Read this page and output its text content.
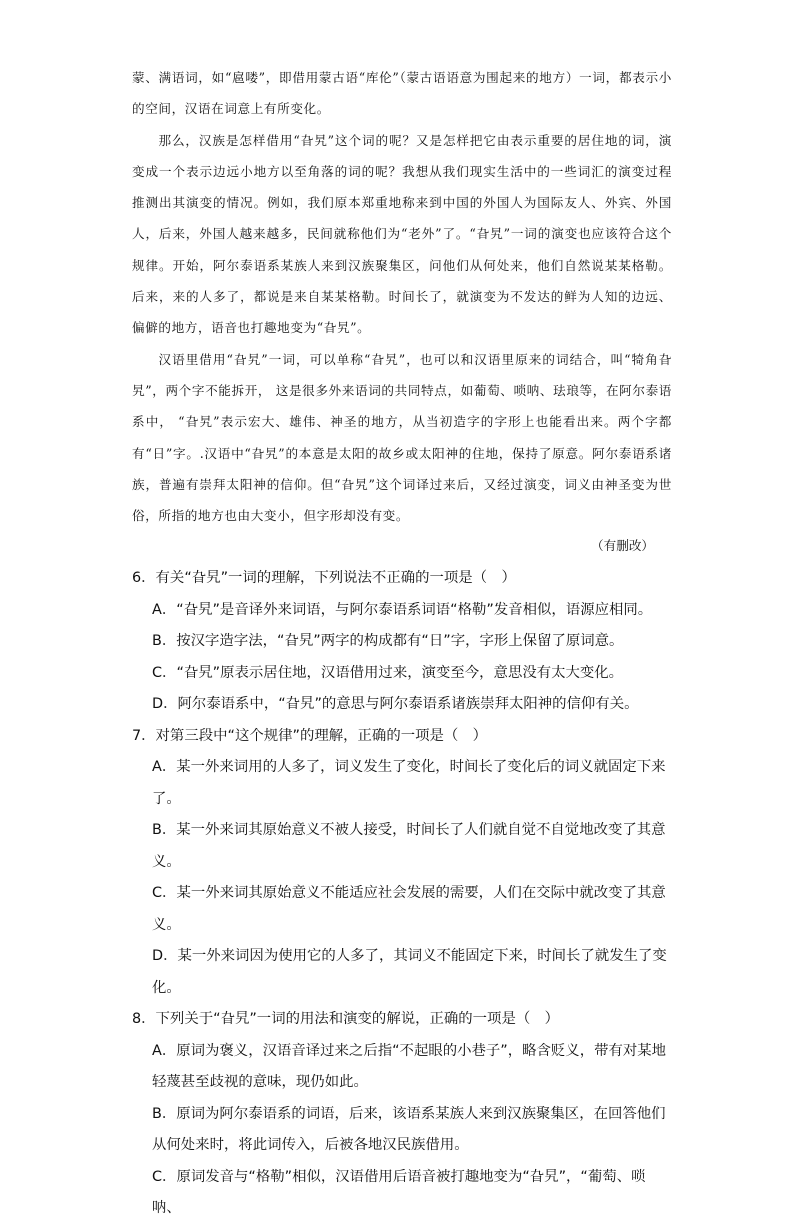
蒙、满语词，如“扈喽”，即借用蒙古语“库伦”（蒙古语语意为围起来的地方）一词，都表示小的空间，汉语在词意上有所变化。

那么，汉族是怎样借用“旮旯”这个词的呢？又是怎样把它由表示重要的居住地的词，演变成一个表示边远小地方以至角落的词的呢？我想从我们现实生活中的一些词汇的演变过程推测出其演变的情况。例如，我们原本郑重地称来到中国的外国人为国际友人、外宾、外国人，后来，外国人越来越多，民间就称他们为“老外”了。“旮旯”一词的演变也应该符合这个规律。开始，阿尔泰语系某族人来到汉族聚集区，问他们从何处来，他们自然说某某格勒。后来，来的人多了，都说是来自某某格勒。时间长了，就演变为不发达的鲜为人知的边远、偏僻的地方，语音也打趣地变为“旮旯”。

汉语里借用“旮旯”一词，可以单称“旮旯”，也可以和汉语里原来的词结合，叫“犄角旮旯”，两个字不能拆开， 这是很多外来语词的共同特点，如葡萄、唢呐、珐琅等，在阿尔泰语系中， “旮旯”表示宏大、雄伟、神圣的地方，从当初造字的字形上也能看出来。两个字都有“日”字。.汉语中“旮旯”的本意是太阳的故乡或太阳神的住地，保持了原意。阿尔泰语系诸族，普遍有崇拜太阳神的信仰。但“旮旯”这个词译过来后，又经过演变，词义由神圣变为世俗，所指的地方也由大变小，但字形却没有变。

（有删改）

6．有关“旮旯”一词的理解，下列说法不正确的一项是（　）

A．“旮旯”是音译外来词语，与阿尔泰语系词语“格勒”发音相似，语源应相同。

B．按汉字造字法，“旮旯”两字的构成都有“日”字，字形上保留了原词意。

C．“旮旯”原表示居住地，汉语借用过来，演变至今，意思没有太大变化。

D．阿尔泰语系中，“旮旯”的意思与阿尔泰语系诸族崇拜太阳神的信仰有关。

7．对第三段中“这个规律”的理解，正确的一项是（　）

A．某一外来词用的人多了，词义发生了变化，时间长了变化后的词义就固定下来了。

B．某一外来词其原始意义不被人接受，时间长了人们就自觉不自觉地改变了其意义。

C．某一外来词其原始意义不能适应社会发展的需要，人们在交际中就改变了其意义。

D．某一外来词因为使用它的人多了，其词义不能固定下来，时间长了就发生了变化。

8．下列关于“旮旯”一词的用法和演变的解说，正确的一项是（　）

A．原词为褒义，汉语音译过来之后指“不起眼的小巷子”，略含贬义，带有对某地轻蔑甚至歧视的意味，现仍如此。

B．原词为阿尔泰语系的词语，后来，该语系某族人来到汉族聚集区，在回答他们从何处来时，将此词传入，后被各地汉民族借用。

C．原词发音与“格勒”相似，汉语借用后语音被打趣地变为“旮旯”，“葡萄、唢呐、
